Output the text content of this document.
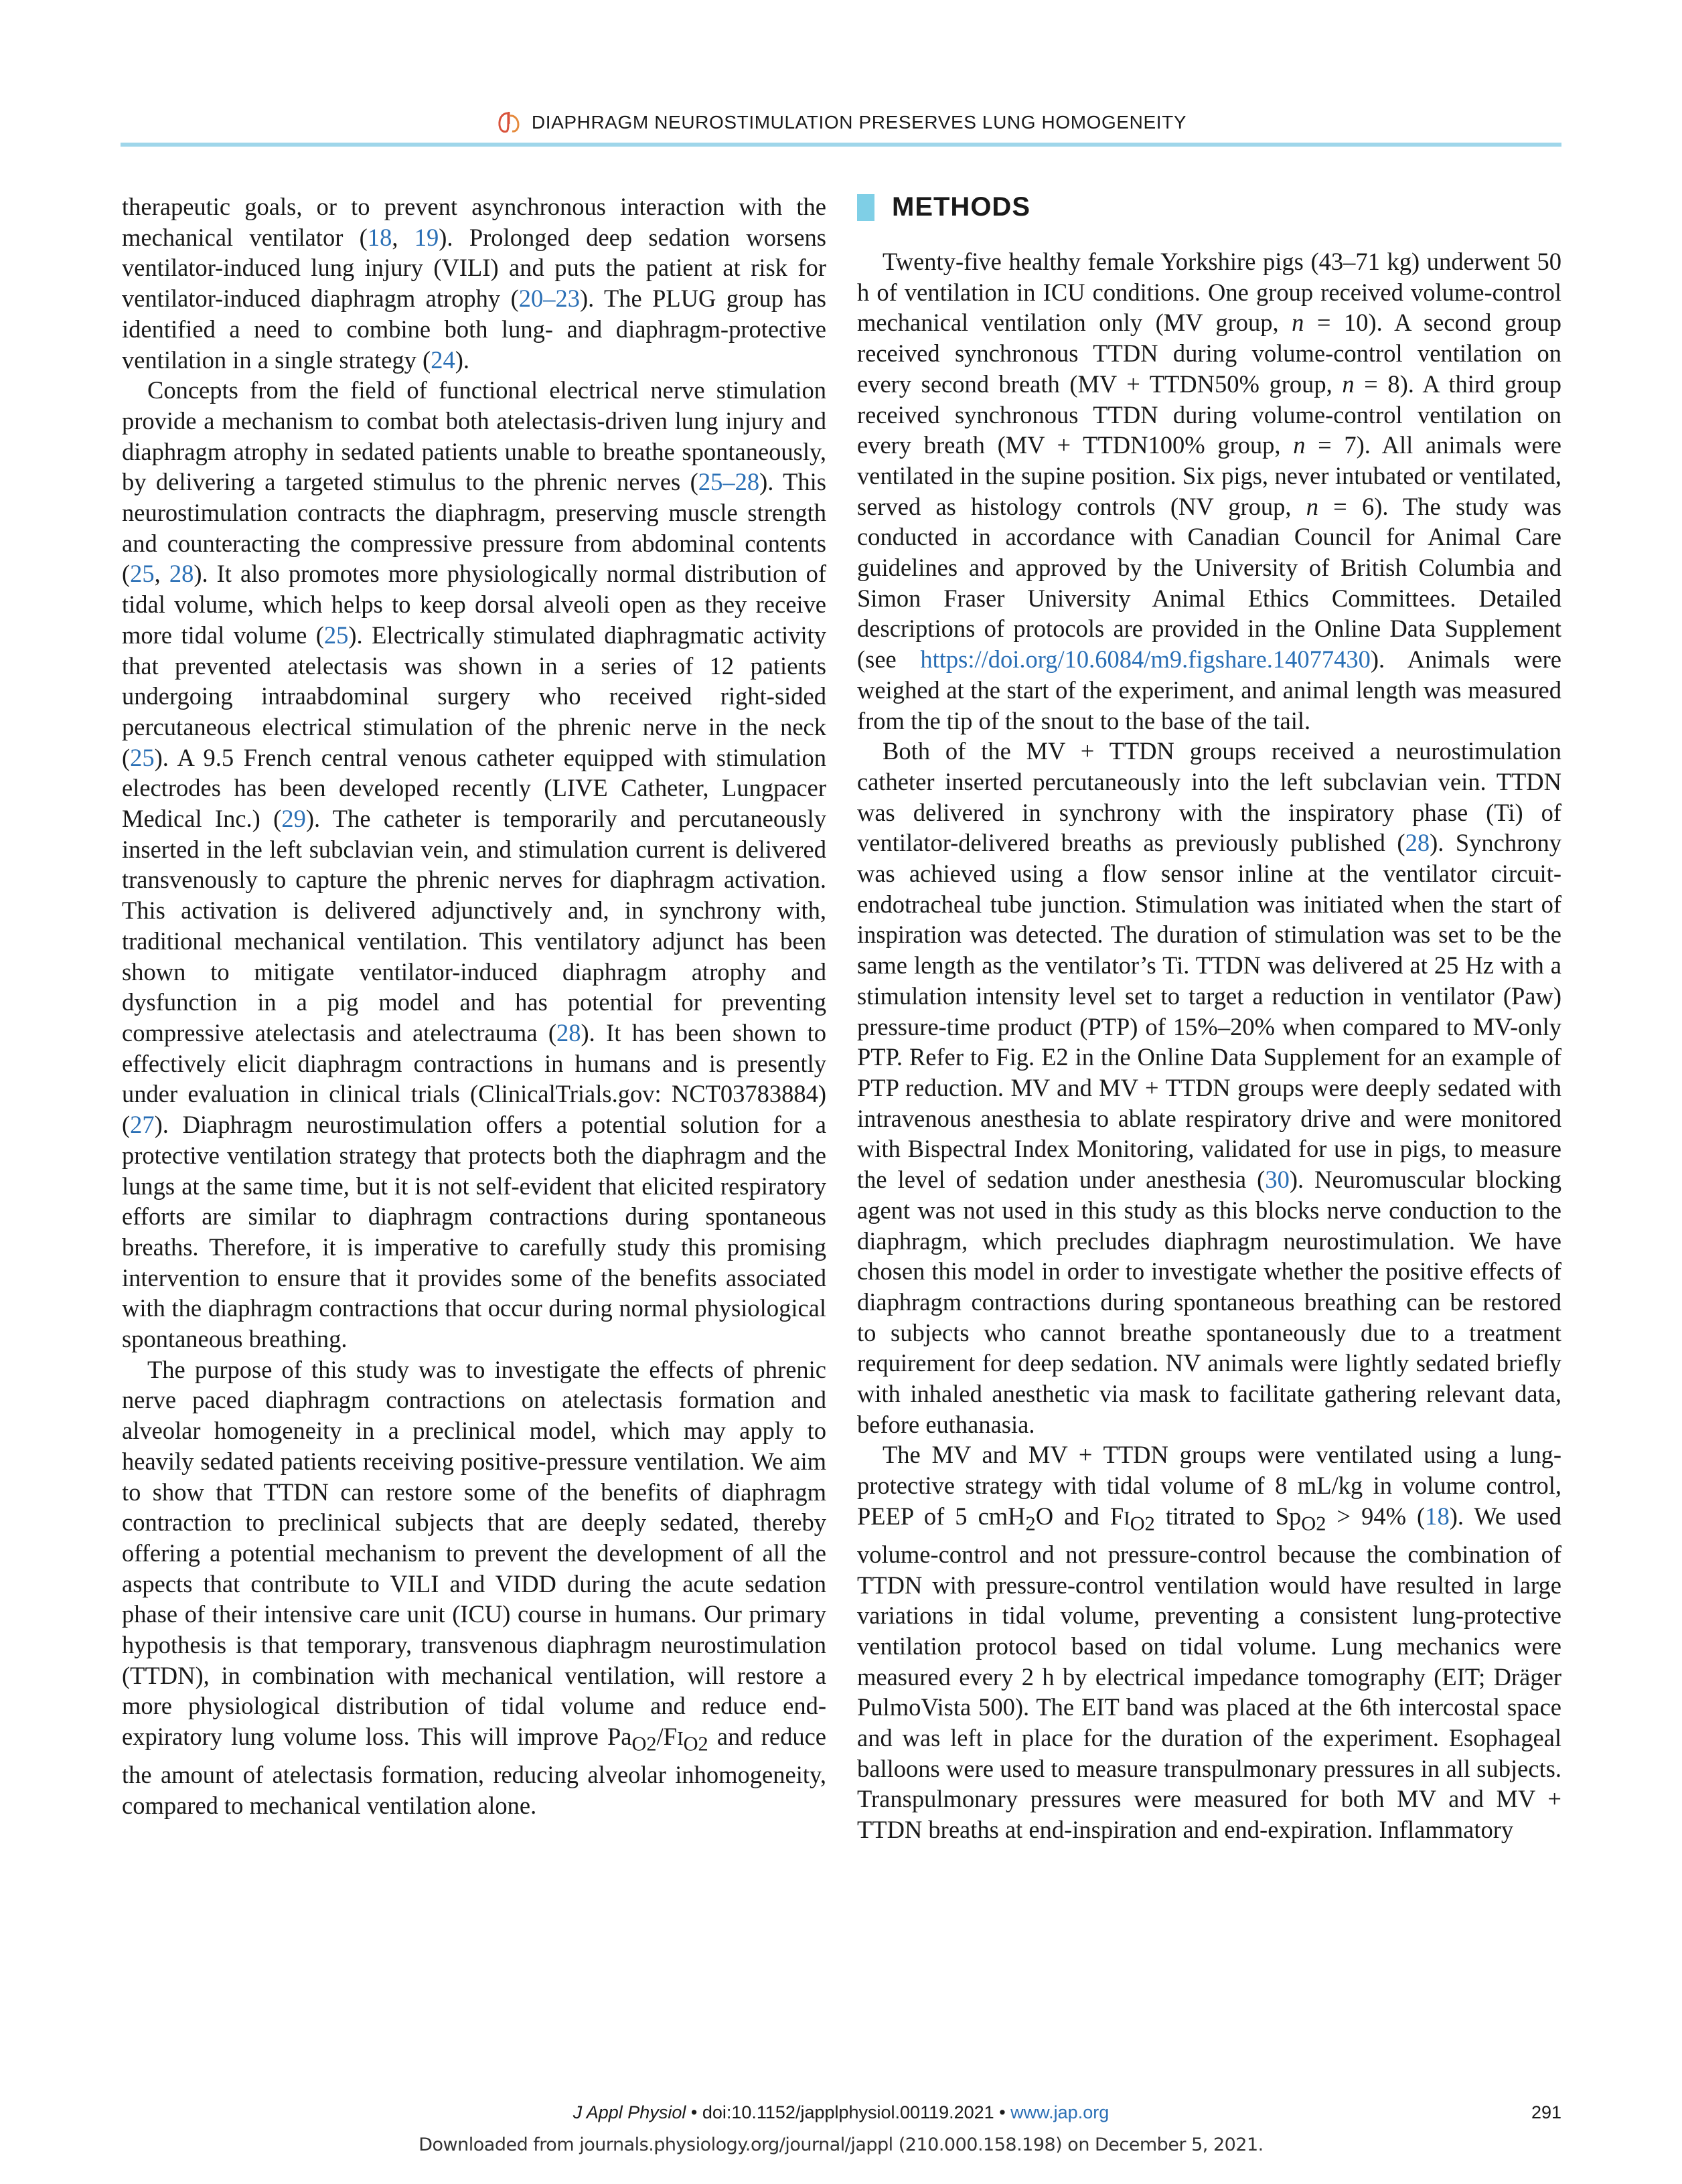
DIAPHRAGM NEUROSTIMULATION PRESERVES LUNG HOMOGENEITY

therapeutic goals, or to prevent asynchronous interaction with the mechanical ventilator (18, 19). Prolonged deep sedation worsens ventilator-induced lung injury (VILI) and puts the patient at risk for ventilator-induced diaphragm atrophy (20–23). The PLUG group has identified a need to combine both lung- and diaphragm-protective ventilation in a single strategy (24).

Concepts from the field of functional electrical nerve stimulation provide a mechanism to combat both atelectasis-driven lung injury and diaphragm atrophy in sedated patients unable to breathe spontaneously, by delivering a targeted stimulus to the phrenic nerves (25–28). This neurostimulation contracts the diaphragm, preserving muscle strength and counteracting the compressive pressure from abdominal contents (25, 28). It also promotes more physiologically normal distribution of tidal volume, which helps to keep dorsal alveoli open as they receive more tidal volume (25). Electrically stimulated diaphragmatic activity that prevented atelectasis was shown in a series of 12 patients undergoing intraabdominal surgery who received right-sided percutaneous electrical stimulation of the phrenic nerve in the neck (25). A 9.5 French central venous catheter equipped with stimulation electrodes has been developed recently (LIVE Catheter, Lungpacer Medical Inc.) (29). The catheter is temporarily and percutaneously inserted in the left subclavian vein, and stimulation current is delivered transvenously to capture the phrenic nerves for diaphragm activation. This activation is delivered adjunctively and, in synchrony with, traditional mechanical ventilation. This ventilatory adjunct has been shown to mitigate ventilator-induced diaphragm atrophy and dysfunction in a pig model and has potential for preventing compressive atelectasis and atelectrauma (28). It has been shown to effectively elicit diaphragm contractions in humans and is presently under evaluation in clinical trials (ClinicalTrials.gov: NCT03783884) (27). Diaphragm neurostimulation offers a potential solution for a protective ventilation strategy that protects both the diaphragm and the lungs at the same time, but it is not self-evident that elicited respiratory efforts are similar to diaphragm contractions during spontaneous breaths. Therefore, it is imperative to carefully study this promising intervention to ensure that it provides some of the benefits associated with the diaphragm contractions that occur during normal physiological spontaneous breathing.

The purpose of this study was to investigate the effects of phrenic nerve paced diaphragm contractions on atelectasis formation and alveolar homogeneity in a preclinical model, which may apply to heavily sedated patients receiving positive-pressure ventilation. We aim to show that TTDN can restore some of the benefits of diaphragm contraction to preclinical subjects that are deeply sedated, thereby offering a potential mechanism to prevent the development of all the aspects that contribute to VILI and VIDD during the acute sedation phase of their intensive care unit (ICU) course in humans. Our primary hypothesis is that temporary, transvenous diaphragm neurostimulation (TTDN), in combination with mechanical ventilation, will restore a more physiological distribution of tidal volume and reduce end-expiratory lung volume loss. This will improve $Pa_{O2}/FI_{O2}$ and reduce the amount of atelectasis formation, reducing alveolar inhomogeneity, compared to mechanical ventilation alone.

METHODS

Twenty-five healthy female Yorkshire pigs (43–71 kg) underwent 50 h of ventilation in ICU conditions. One group received volume-control mechanical ventilation only (MV group, n = 10). A second group received synchronous TTDN during volume-control ventilation on every second breath (MV + TTDN50% group, n = 8). A third group received synchronous TTDN during volume-control ventilation on every breath (MV + TTDN100% group, n = 7). All animals were ventilated in the supine position. Six pigs, never intubated or ventilated, served as histology controls (NV group, n = 6). The study was conducted in accordance with Canadian Council for Animal Care guidelines and approved by the University of British Columbia and Simon Fraser University Animal Ethics Committees. Detailed descriptions of protocols are provided in the Online Data Supplement (see https://doi.org/10.6084/m9.figshare.14077430). Animals were weighed at the start of the experiment, and animal length was measured from the tip of the snout to the base of the tail.

Both of the MV + TTDN groups received a neurostimulation catheter inserted percutaneously into the left subclavian vein. TTDN was delivered in synchrony with the inspiratory phase (Ti) of ventilator-delivered breaths as previously published (28). Synchrony was achieved using a flow sensor inline at the ventilator circuit-endotracheal tube junction. Stimulation was initiated when the start of inspiration was detected. The duration of stimulation was set to be the same length as the ventilator’s Ti. TTDN was delivered at 25 Hz with a stimulation intensity level set to target a reduction in ventilator (Paw) pressure-time product (PTP) of 15%–20% when compared to MV-only PTP. Refer to Fig. E2 in the Online Data Supplement for an example of PTP reduction. MV and MV + TTDN groups were deeply sedated with intravenous anesthesia to ablate respiratory drive and were monitored with Bispectral Index Monitoring, validated for use in pigs, to measure the level of sedation under anesthesia (30). Neuromuscular blocking agent was not used in this study as this blocks nerve conduction to the diaphragm, which precludes diaphragm neurostimulation. We have chosen this model in order to investigate whether the positive effects of diaphragm contractions during spontaneous breathing can be restored to subjects who cannot breathe spontaneously due to a treatment requirement for deep sedation. NV animals were lightly sedated briefly with inhaled anesthetic via mask to facilitate gathering relevant data, before euthanasia.

The MV and MV + TTDN groups were ventilated using a lung-protective strategy with tidal volume of 8 mL/kg in volume control, PEEP of 5 cmH$_2$O and $FI_{O2}$ titrated to $Sp_{O2} > 94\%$ (18). We used volume-control and not pressure-control because the combination of TTDN with pressure-control ventilation would have resulted in large variations in tidal volume, preventing a consistent lung-protective ventilation protocol based on tidal volume. Lung mechanics were measured every 2 h by electrical impedance tomography (EIT; Dräger PulmoVista 500). The EIT band was placed at the 6th intercostal space and was left in place for the duration of the experiment. Esophageal balloons were used to measure transpulmonary pressures in all subjects. Transpulmonary pressures were measured for both MV and MV + TTDN breaths at end-inspiration and end-expiration. Inflammatory

J Appl Physiol • doi:10.1152/japplphysiol.00119.2021 • www.jap.org	291
Downloaded from journals.physiology.org/journal/jappl (210.000.158.198) on December 5, 2021.
